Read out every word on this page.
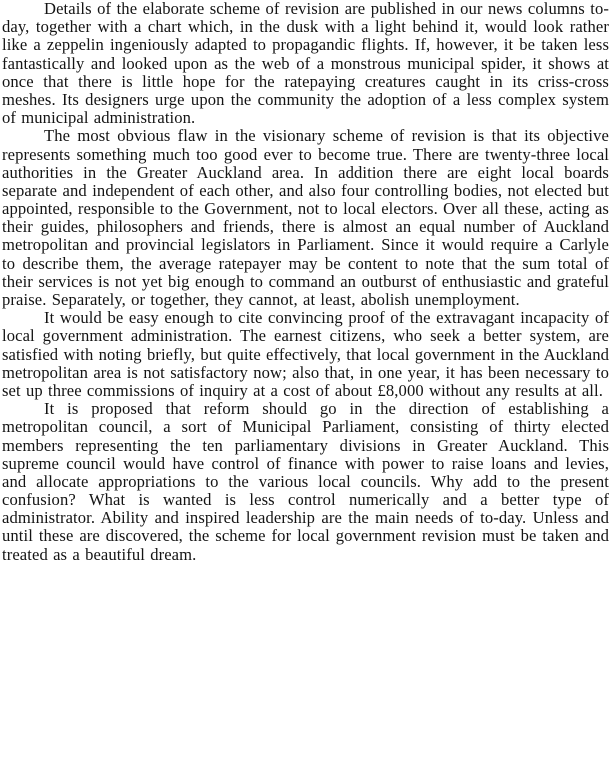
Details of the elaborate scheme of revision are published in our news columns to-day, together with a chart which, in the dusk with a light behind it, would look rather like a zeppelin ingeniously adapted to propagandic flights. If, however, it be taken less fantastically and looked upon as the web of a monstrous municipal spider, it shows at once that there is little hope for the ratepaying creatures caught in its criss-cross meshes. Its designers urge upon the community the adoption of a less complex system of municipal administration.

The most obvious flaw in the visionary scheme of revision is that its objective represents something much too good ever to become true. There are twenty-three local authorities in the Greater Auckland area. In addition there are eight local boards separate and independent of each other, and also four controlling bodies, not elected but appointed, responsible to the Government, not to local electors. Over all these, acting as their guides, philosophers and friends, there is almost an equal number of Auckland metropolitan and provincial legislators in Parliament. Since it would require a Carlyle to describe them, the average ratepayer may be content to note that the sum total of their services is not yet big enough to command an outburst of enthusiastic and grateful praise. Separately, or together, they cannot, at least, abolish unemployment.

It would be easy enough to cite convincing proof of the extravagant incapacity of local government administration. The earnest citizens, who seek a better system, are satisfied with noting briefly, but quite effectively, that local government in the Auckland metropolitan area is not satisfactory now; also that, in one year, it has been necessary to set up three commissions of inquiry at a cost of about £8,000 without any results at all.

It is proposed that reform should go in the direction of establishing a metropolitan council, a sort of Municipal Parliament, consisting of thirty elected members representing the ten parliamentary divisions in Greater Auckland. This supreme council would have control of finance with power to raise loans and levies, and allocate appropriations to the various local councils. Why add to the present confusion? What is wanted is less control numerically and a better type of administrator. Ability and inspired leadership are the main needs of to-day. Unless and until these are discovered, the scheme for local government revision must be taken and treated as a beautiful dream.
